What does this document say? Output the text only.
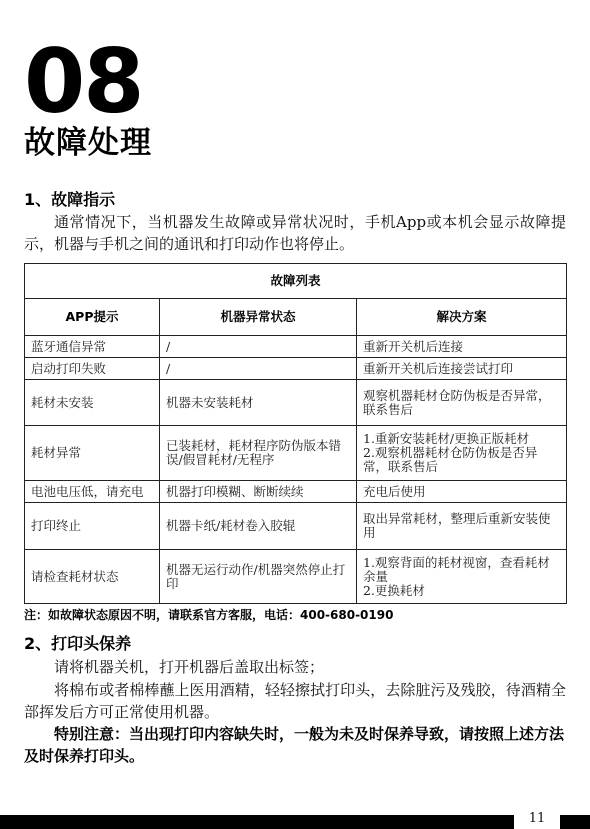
08
故障处理
1、故障指示
通常情况下，当机器发生故障或异常状况时，手机App或本机会显示故障提示，机器与手机之间的通讯和打印动作也将停止。
故障列表		
APP提示	机器异常状态	解决方案
蓝牙通信异常	/	重新开关机后连接

启动打印失败	/	重新开关机后连接尝试打印

耗材未安装	机器未安装耗材	观察机器耗材仓防伪板是否异常，联系售后

耗材异常	已装耗材，耗材程序防伪版本错误/假冒耗材/无程序	1.重新安装耗材/更换正版耗材
2.观察机器耗材仓防伪板是否异常，联系售后

电池电压低，请充电	机器打印模糊、断断续续	充电后使用

打印终止	机器卡纸/耗材卷入胶辊	取出异常耗材，整理后重新安装使用

请检查耗材状态	机器无运行动作/机器突然停止打印	1.观察背面的耗材视窗，查看耗材余量
2.更换耗材
注：如故障状态原因不明，请联系官方客服，电话：400-680-0190
2、打印头保养
请将机器关机，打开机器后盖取出标签；
将棉布或者棉棒蘸上医用酒精，轻轻擦拭打印头，去除脏污及残胶，待酒精全部挥发后方可正常使用机器。
特别注意：当出现打印内容缺失时，一般为未及时保养导致，请按照上述方法及时保养打印头。
11
